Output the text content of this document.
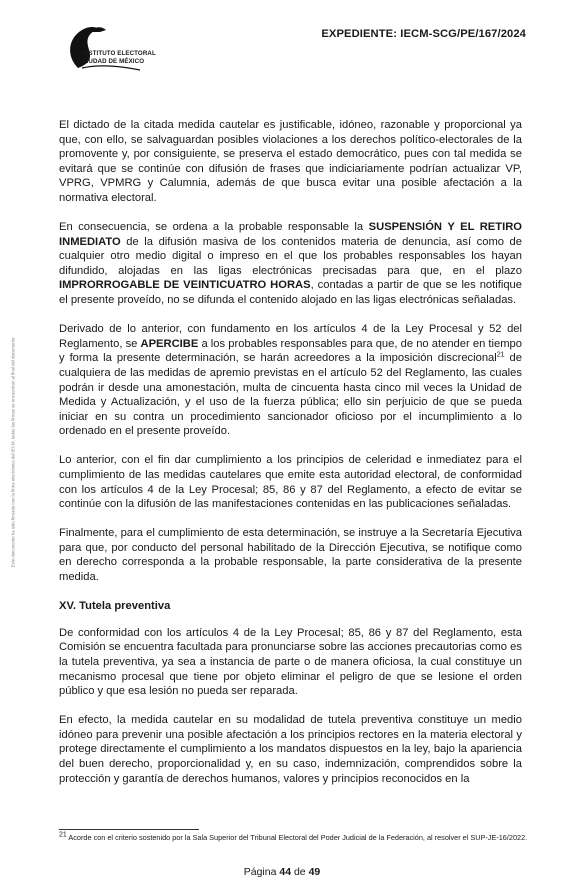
INSTITUTO ELECTORAL
CIUDAD DE MÉXICO
EXPEDIENTE: IECM-SCG/PE/167/2024
Este documento ha sido firmado con la firma electrónica del IECM, todas las firmas se encuentran al final del documento

El dictado de la citada medida cautelar es justificable, idóneo, razonable y proporcional ya que, con ello, se salvaguardan posibles violaciones a los derechos político-electorales de la promovente y, por consiguiente, se preserva el estado democrático, pues con tal medida se evitará que se continúe con difusión de frases que indiciariamente podrían actualizar VP, VPRG, VPMRG y Calumnia, además de que busca evitar una posible afectación a la normativa electoral.

En consecuencia, se ordena a la probable responsable la SUSPENSIÓN Y EL RETIRO INMEDIATO de la difusión masiva de los contenidos materia de denuncia, así como de cualquier otro medio digital o impreso en el que los probables responsables los hayan difundido, alojadas en las ligas electrónicas precisadas para que, en el plazo IMPRORROGABLE DE VEINTICUATRO HORAS, contadas a partir de que se les notifique el presente proveído, no se difunda el contenido alojado en las ligas electrónicas señaladas.

Derivado de lo anterior, con fundamento en los artículos 4 de la Ley Procesal y 52 del Reglamento, se APERCIBE a los probables responsables para que, de no atender en tiempo y forma la presente determinación, se harán acreedores a la imposición discrecional$^{21}$ de cualquiera de las medidas de apremio previstas en el artículo 52 del Reglamento, las cuales podrán ir desde una amonestación, multa de cincuenta hasta cinco mil veces la Unidad de Medida y Actualización, y el uso de la fuerza pública; ello sin perjuicio de que se pueda iniciar en su contra un procedimiento sancionador oficioso por el incumplimiento a lo ordenado en el presente proveído.

Lo anterior, con el fin dar cumplimiento a los principios de celeridad e inmediatez para el cumplimiento de las medidas cautelares que emite esta autoridad electoral, de conformidad con los artículos 4 de la Ley Procesal; 85, 86 y 87 del Reglamento, a efecto de evitar se continúe con la difusión de las manifestaciones contenidas en las publicaciones señaladas.

Finalmente, para el cumplimiento de esta determinación, se instruye a la Secretaría Ejecutiva para que, por conducto del personal habilitado de la Dirección Ejecutiva, se notifique como en derecho corresponda a la probable responsable, la parte considerativa de la presente medida.

XV. Tutela preventiva

De conformidad con los artículos 4 de la Ley Procesal; 85, 86 y 87 del Reglamento, esta Comisión se encuentra facultada para pronunciarse sobre las acciones precautorias como es la tutela preventiva, ya sea a instancia de parte o de manera oficiosa, la cual constituye un mecanismo procesal que tiene por objeto eliminar el peligro de que se lesione el orden público y que esa lesión no pueda ser reparada.

En efecto, la medida cautelar en su modalidad de tutela preventiva constituye un medio idóneo para prevenir una posible afectación a los principios rectores en la materia electoral y protege directamente el cumplimiento a los mandatos dispuestos en la ley, bajo la apariencia del buen derecho, proporcionalidad y, en su caso, indemnización, comprendidos sobre la protección y garantía de derechos humanos, valores y principios reconocidos en la

$^{21}$ Acorde con el criterio sostenido por la Sala Superior del Tribunal Electoral del Poder Judicial de la Federación, al resolver el SUP-JE-16/2022.
Página 44 de 49
